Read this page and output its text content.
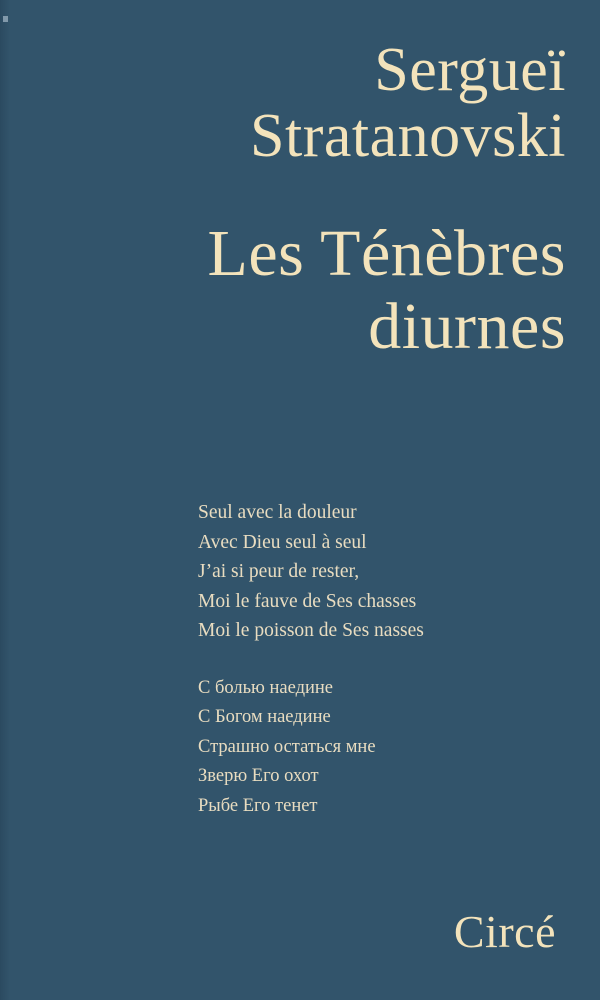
Sergueï
Stratanovski
Les Ténèbres
diurnes
Seul avec la douleur
Avec Dieu seul à seul
J’ai si peur de rester,
Moi le fauve de Ses chasses
Moi le poisson de Ses nasses
С болью наедине
С Богом наедине
Страшно остаться мне
Зверю Его охот
Рыбе Его тенет
Circé
